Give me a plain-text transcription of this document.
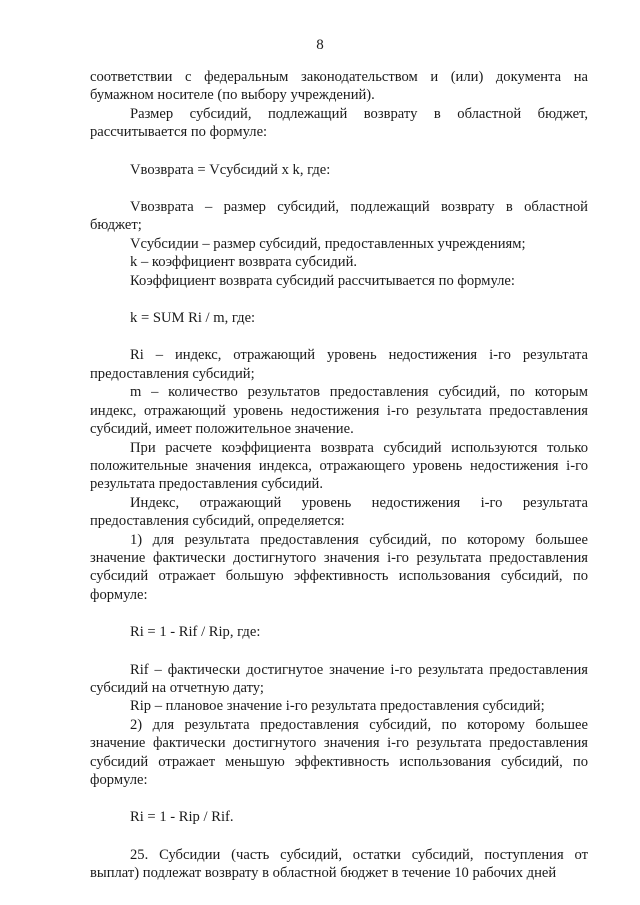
8

соответствии с федеральным законодательством и (или) документа на бумажном носителе (по выбору учреждений).

Размер субсидий, подлежащий возврату в областной бюджет, рассчитывается по формуле:

Vвозврата = Vсубсидий x k, где:

Vвозврата – размер субсидий, подлежащий возврату в областной бюджет;

Vсубсидии – размер субсидий, предоставленных учреждениям;

k – коэффициент возврата субсидий.

Коэффициент возврата субсидий рассчитывается по формуле:

k = SUM Ri / m, где:

Ri – индекс, отражающий уровень недостижения i-го результата предоставления субсидий;

m – количество результатов предоставления субсидий, по которым индекс, отражающий уровень недостижения i-го результата предоставления субсидий, имеет положительное значение.

При расчете коэффициента возврата субсидий используются только положительные значения индекса, отражающего уровень недостижения i-го результата предоставления субсидий.

Индекс, отражающий уровень недостижения i-го результата предоставления субсидий, определяется:

1) для результата предоставления субсидий, по которому большее значение фактически достигнутого значения i-го результата предоставления субсидий отражает большую эффективность использования субсидий, по формуле:

Ri = 1 - Rif / Rip, где:

Rif – фактически достигнутое значение i-го результата предоставления субсидий на отчетную дату;

Rip – плановое значение i-го результата предоставления субсидий;

2) для результата предоставления субсидий, по которому большее значение фактически достигнутого значения i-го результата предоставления субсидий отражает меньшую эффективность использования субсидий, по формуле:

Ri = 1 - Rip / Rif.

25. Субсидии (часть субсидий, остатки субсидий, поступления от выплат) подлежат возврату в областной бюджет в течение 10 рабочих дней
